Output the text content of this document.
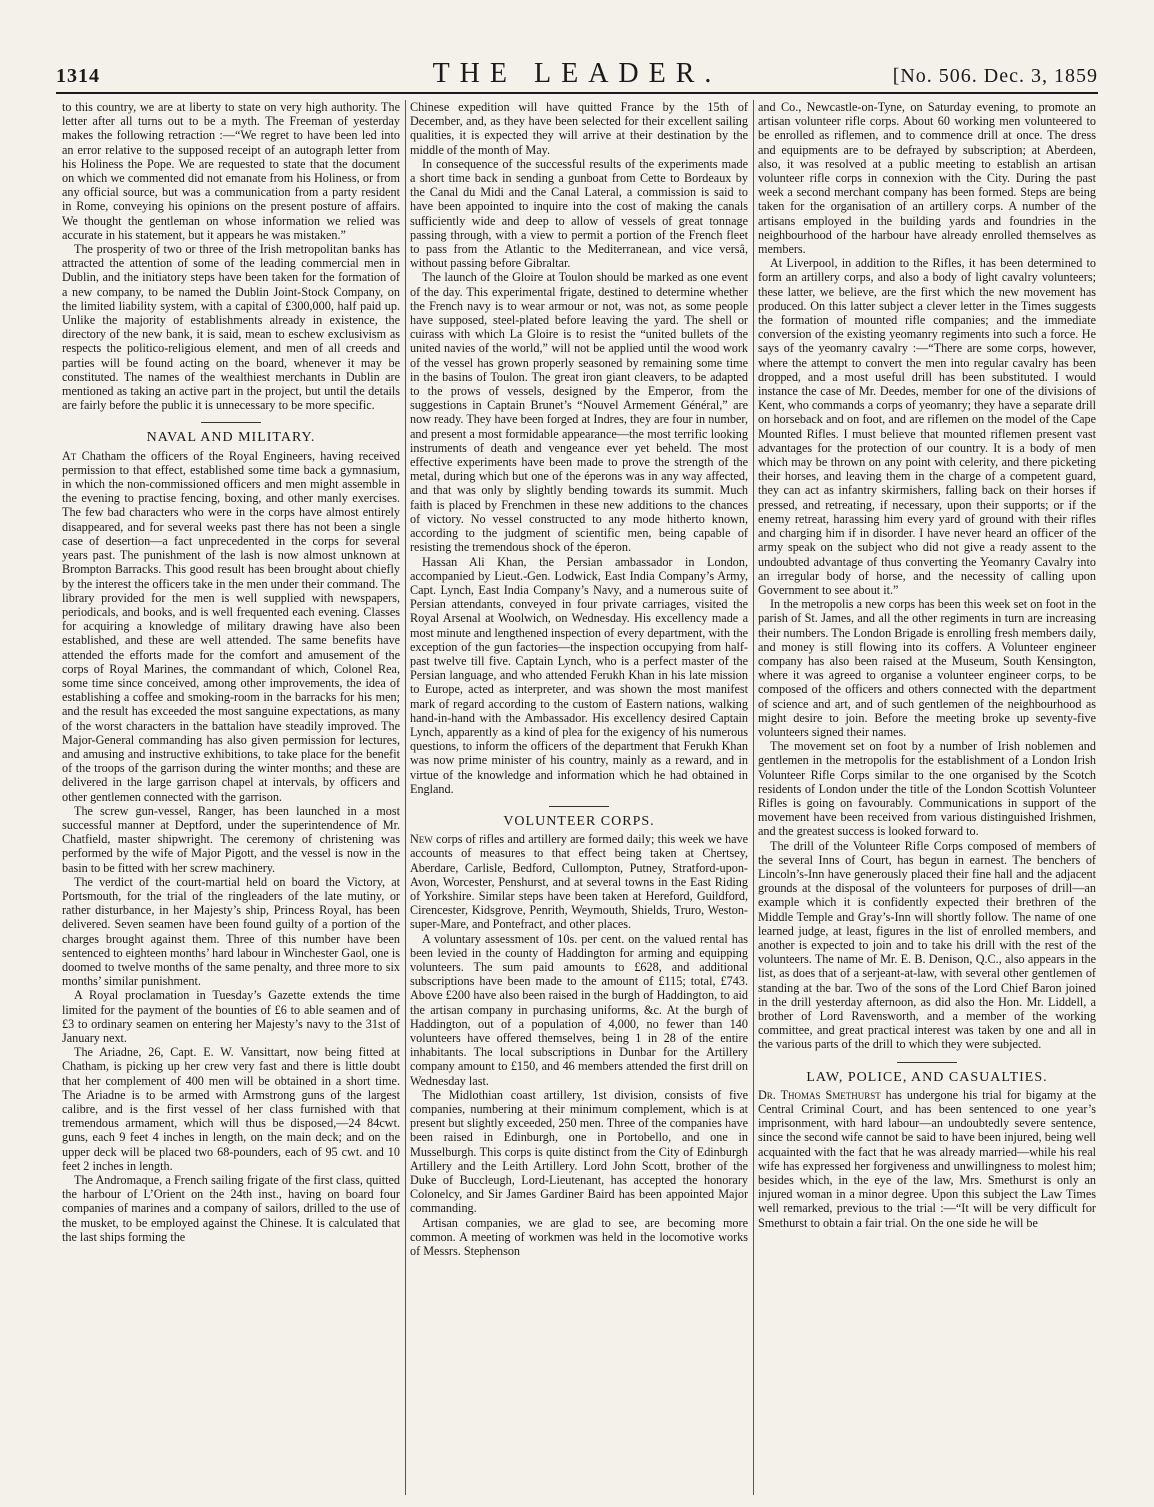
1314	THE LEADER.	[No. 506. Dec. 3, 1859

to this country, we are at liberty to state on very high authority. The letter after all turns out to be a myth. The Freeman of yesterday makes the following retraction :—“We regret to have been led into an error relative to the supposed receipt of an autograph letter from his Holiness the Pope. We are requested to state that the document on which we commented did not emanate from his Holiness, or from any official source, but was a communication from a party resident in Rome, conveying his opinions on the present posture of affairs. We thought the gentleman on whose information we relied was accurate in his statement, but it appears he was mistaken.”

The prosperity of two or three of the Irish metropolitan banks has attracted the attention of some of the leading commercial men in Dublin, and the initiatory steps have been taken for the formation of a new company, to be named the Dublin Joint-Stock Company, on the limited liability system, with a capital of £300,000, half paid up. Unlike the majority of establishments already in existence, the directory of the new bank, it is said, mean to eschew exclusivism as respects the politico-religious element, and men of all creeds and parties will be found acting on the board, whenever it may be constituted. The names of the wealthiest merchants in Dublin are mentioned as taking an active part in the project, but until the details are fairly before the public it is unnecessary to be more specific.

NAVAL AND MILITARY.

At Chatham the officers of the Royal Engineers, having received permission to that effect, established some time back a gymnasium, in which the non-commissioned officers and men might assemble in the evening to practise fencing, boxing, and other manly exercises. The few bad characters who were in the corps have almost entirely disappeared, and for several weeks past there has not been a single case of desertion—a fact unprecedented in the corps for several years past. The punishment of the lash is now almost unknown at Brompton Barracks. This good result has been brought about chiefly by the interest the officers take in the men under their command. The library provided for the men is well supplied with newspapers, periodicals, and books, and is well frequented each evening. Classes for acquiring a knowledge of military drawing have also been established, and these are well attended. The same benefits have attended the efforts made for the comfort and amusement of the corps of Royal Marines, the commandant of which, Colonel Rea, some time since conceived, among other improvements, the idea of establishing a coffee and smoking-room in the barracks for his men; and the result has exceeded the most sanguine expectations, as many of the worst characters in the battalion have steadily improved. The Major-General commanding has also given permission for lectures, and amusing and instructive exhibitions, to take place for the benefit of the troops of the garrison during the winter months; and these are delivered in the large garrison chapel at intervals, by officers and other gentlemen connected with the garrison.

The screw gun-vessel, Ranger, has been launched in a most successful manner at Deptford, under the superintendence of Mr. Chatfield, master shipwright. The ceremony of christening was performed by the wife of Major Pigott, and the vessel is now in the basin to be fitted with her screw machinery.

The verdict of the court-martial held on board the Victory, at Portsmouth, for the trial of the ringleaders of the late mutiny, or rather disturbance, in her Majesty’s ship, Princess Royal, has been delivered. Seven seamen have been found guilty of a portion of the charges brought against them. Three of this number have been sentenced to eighteen months’ hard labour in Winchester Gaol, one is doomed to twelve months of the same penalty, and three more to six months’ similar punishment.

A Royal proclamation in Tuesday’s Gazette extends the time limited for the payment of the bounties of £6 to able seamen and of £3 to ordinary seamen on entering her Majesty’s navy to the 31st of January next.

The Ariadne, 26, Capt. E. W. Vansittart, now being fitted at Chatham, is picking up her crew very fast and there is little doubt that her complement of 400 men will be obtained in a short time. The Ariadne is to be armed with Armstrong guns of the largest calibre, and is the first vessel of her class furnished with that tremendous armament, which will thus be disposed,—24 84cwt. guns, each 9 feet 4 inches in length, on the main deck; and on the upper deck will be placed two 68-pounders, each of 95 cwt. and 10 feet 2 inches in length.

The Andromaque, a French sailing frigate of the first class, quitted the harbour of L’Orient on the 24th inst., having on board four companies of marines and a company of sailors, drilled to the use of the musket, to be employed against the Chinese. It is calculated that the last ships forming the

Chinese expedition will have quitted France by the 15th of December, and, as they have been selected for their excellent sailing qualities, it is expected they will arrive at their destination by the middle of the month of May.

In consequence of the successful results of the experiments made a short time back in sending a gunboat from Cette to Bordeaux by the Canal du Midi and the Canal Lateral, a commission is said to have been appointed to inquire into the cost of making the canals sufficiently wide and deep to allow of vessels of great tonnage passing through, with a view to permit a portion of the French fleet to pass from the Atlantic to the Mediterranean, and vice versâ, without passing before Gibraltar.

The launch of the Gloire at Toulon should be marked as one event of the day. This experimental frigate, destined to determine whether the French navy is to wear armour or not, was not, as some people have supposed, steel-plated before leaving the yard. The shell or cuirass with which La Gloire is to resist the “united bullets of the united navies of the world,” will not be applied until the wood work of the vessel has grown properly seasoned by remaining some time in the basins of Toulon. The great iron giant cleavers, to be adapted to the prows of vessels, designed by the Emperor, from the suggestions in Captain Brunet’s “Nouvel Armement Général,” are now ready. They have been forged at Indres, they are four in number, and present a most formidable appearance—the most terrific looking instruments of death and vengeance ever yet beheld. The most effective experiments have been made to prove the strength of the metal, during which but one of the éperons was in any way affected, and that was only by slightly bending towards its summit. Much faith is placed by Frenchmen in these new additions to the chances of victory. No vessel constructed to any mode hitherto known, according to the judgment of scientific men, being capable of resisting the tremendous shock of the éperon.

Hassan Ali Khan, the Persian ambassador in London, accompanied by Lieut.-Gen. Lodwick, East India Company’s Army, Capt. Lynch, East India Company’s Navy, and a numerous suite of Persian attendants, conveyed in four private carriages, visited the Royal Arsenal at Woolwich, on Wednesday. His excellency made a most minute and lengthened inspection of every department, with the exception of the gun factories—the inspection occupying from half-past twelve till five. Captain Lynch, who is a perfect master of the Persian language, and who attended Ferukh Khan in his late mission to Europe, acted as interpreter, and was shown the most manifest mark of regard according to the custom of Eastern nations, walking hand-in-hand with the Ambassador. His excellency desired Captain Lynch, apparently as a kind of plea for the exigency of his numerous questions, to inform the officers of the department that Ferukh Khan was now prime minister of his country, mainly as a reward, and in virtue of the knowledge and information which he had obtained in England.

VOLUNTEER CORPS.

New corps of rifles and artillery are formed daily; this week we have accounts of measures to that effect being taken at Chertsey, Aberdare, Carlisle, Bedford, Cullompton, Putney, Stratford-upon-Avon, Worcester, Penshurst, and at several towns in the East Riding of Yorkshire. Similar steps have been taken at Hereford, Guildford, Cirencester, Kidsgrove, Penrith, Weymouth, Shields, Truro, Weston-super-Mare, and Pontefract, and other places.

A voluntary assessment of 10s. per cent. on the valued rental has been levied in the county of Haddington for arming and equipping volunteers. The sum paid amounts to £628, and additional subscriptions have been made to the amount of £115; total, £743. Above £200 have also been raised in the burgh of Haddington, to aid the artisan company in purchasing uniforms, &c. At the burgh of Haddington, out of a population of 4,000, no fewer than 140 volunteers have offered themselves, being 1 in 28 of the entire inhabitants. The local subscriptions in Dunbar for the Artillery company amount to £150, and 46 members attended the first drill on Wednesday last.

The Midlothian coast artillery, 1st division, consists of five companies, numbering at their minimum complement, which is at present but slightly exceeded, 250 men. Three of the companies have been raised in Edinburgh, one in Portobello, and one in Musselburgh. This corps is quite distinct from the City of Edinburgh Artillery and the Leith Artillery. Lord John Scott, brother of the Duke of Buccleugh, Lord-Lieutenant, has accepted the honorary Colonelcy, and Sir James Gardiner Baird has been appointed Major commanding.

Artisan companies, we are glad to see, are becoming more common. A meeting of workmen was held in the locomotive works of Messrs. Stephenson

and Co., Newcastle-on-Tyne, on Saturday evening, to promote an artisan volunteer rifle corps. About 60 working men volunteered to be enrolled as riflemen, and to commence drill at once. The dress and equipments are to be defrayed by subscription; at Aberdeen, also, it was resolved at a public meeting to establish an artisan volunteer rifle corps in connexion with the City. During the past week a second merchant company has been formed. Steps are being taken for the organisation of an artillery corps. A number of the artisans employed in the building yards and foundries in the neighbourhood of the harbour have already enrolled themselves as members.

At Liverpool, in addition to the Rifles, it has been determined to form an artillery corps, and also a body of light cavalry volunteers; these latter, we believe, are the first which the new movement has produced. On this latter subject a clever letter in the Times suggests the formation of mounted rifle companies; and the immediate conversion of the existing yeomanry regiments into such a force. He says of the yeomanry cavalry :—“There are some corps, however, where the attempt to convert the men into regular cavalry has been dropped, and a most useful drill has been substituted. I would instance the case of Mr. Deedes, member for one of the divisions of Kent, who commands a corps of yeomanry; they have a separate drill on horseback and on foot, and are riflemen on the model of the Cape Mounted Rifles. I must believe that mounted riflemen present vast advantages for the protection of our country. It is a body of men which may be thrown on any point with celerity, and there picketing their horses, and leaving them in the charge of a competent guard, they can act as infantry skirmishers, falling back on their horses if pressed, and retreating, if necessary, upon their supports; or if the enemy retreat, harassing him every yard of ground with their rifles and charging him if in disorder. I have never heard an officer of the army speak on the subject who did not give a ready assent to the undoubted advantage of thus converting the Yeomanry Cavalry into an irregular body of horse, and the necessity of calling upon Government to see about it.”

In the metropolis a new corps has been this week set on foot in the parish of St. James, and all the other regiments in turn are increasing their numbers. The London Brigade is enrolling fresh members daily, and money is still flowing into its coffers. A Volunteer engineer company has also been raised at the Museum, South Kensington, where it was agreed to organise a volunteer engineer corps, to be composed of the officers and others connected with the department of science and art, and of such gentlemen of the neighbourhood as might desire to join. Before the meeting broke up seventy-five volunteers signed their names.

The movement set on foot by a number of Irish noblemen and gentlemen in the metropolis for the establishment of a London Irish Volunteer Rifle Corps similar to the one organised by the Scotch residents of London under the title of the London Scottish Volunteer Rifles is going on favourably. Communications in support of the movement have been received from various distinguished Irishmen, and the greatest success is looked forward to.

The drill of the Volunteer Rifle Corps composed of members of the several Inns of Court, has begun in earnest. The benchers of Lincoln’s-Inn have generously placed their fine hall and the adjacent grounds at the disposal of the volunteers for purposes of drill—an example which it is confidently expected their brethren of the Middle Temple and Gray’s-Inn will shortly follow. The name of one learned judge, at least, figures in the list of enrolled members, and another is expected to join and to take his drill with the rest of the volunteers. The name of Mr. E. B. Denison, Q.C., also appears in the list, as does that of a serjeant-at-law, with several other gentlemen of standing at the bar. Two of the sons of the Lord Chief Baron joined in the drill yesterday afternoon, as did also the Hon. Mr. Liddell, a brother of Lord Ravensworth, and a member of the working committee, and great practical interest was taken by one and all in the various parts of the drill to which they were subjected.

LAW, POLICE, AND CASUALTIES.

Dr. Thomas Smethurst has undergone his trial for bigamy at the Central Criminal Court, and has been sentenced to one year’s imprisonment, with hard labour—an undoubtedly severe sentence, since the second wife cannot be said to have been injured, being well acquainted with the fact that he was already married—while his real wife has expressed her forgiveness and unwillingness to molest him; besides which, in the eye of the law, Mrs. Smethurst is only an injured woman in a minor degree. Upon this subject the Law Times well remarked, previous to the trial :—“It will be very difficult for Smethurst to obtain a fair trial. On the one side he will be
